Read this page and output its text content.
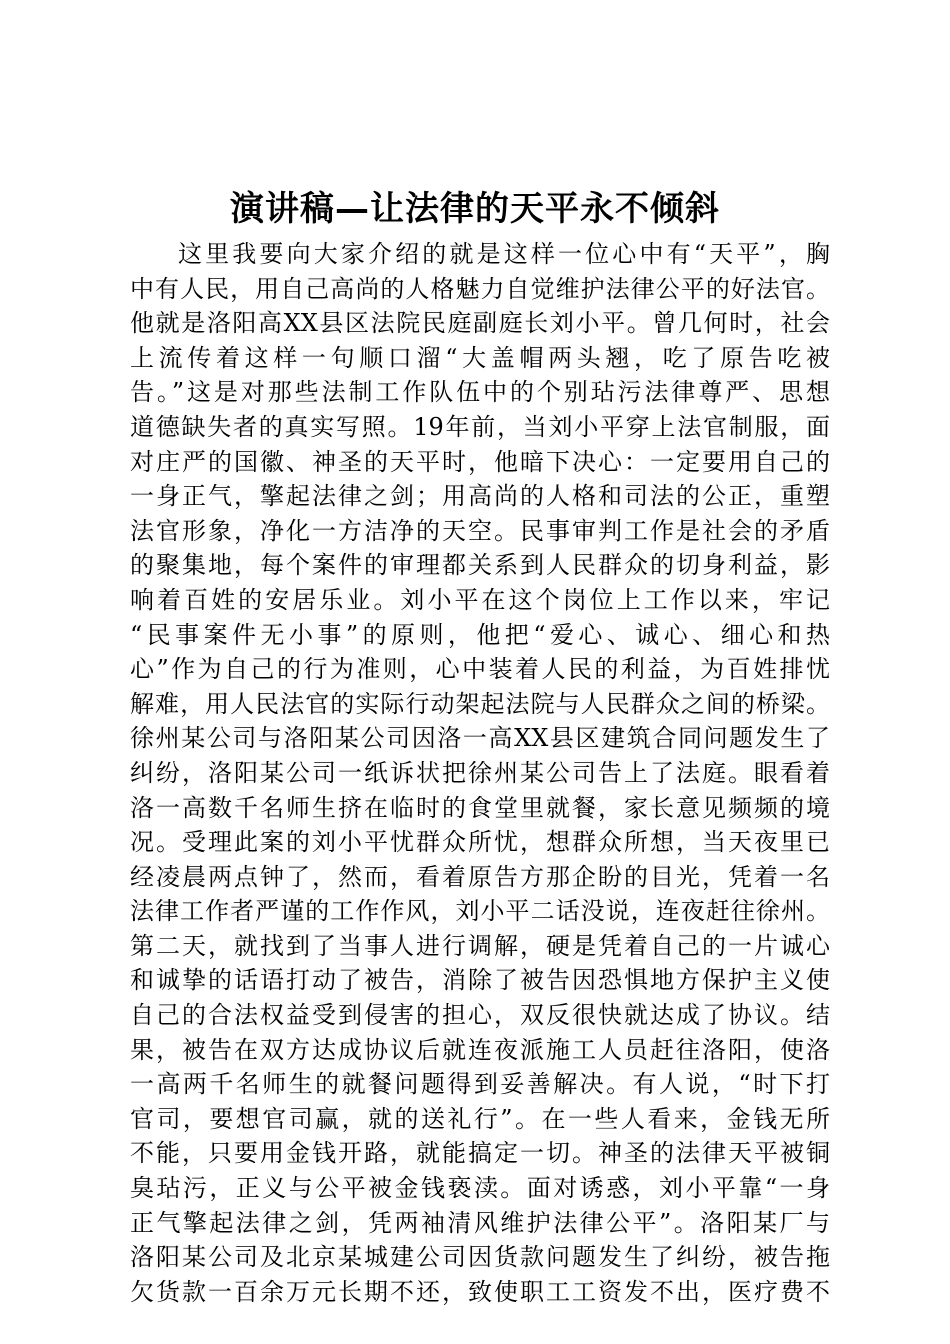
演讲稿—让法律的天平永不倾斜
这里我要向大家介绍的就是这样一位心中有“天平”，胸
中有人民，用自己高尚的人格魅力自觉维护法律公平的好法官。
他就是洛阳高XX县区法院民庭副庭长刘小平。曾几何时，社会
上流传着这样一句顺口溜“大盖帽两头翘，吃了原告吃被
告。”这是对那些法制工作队伍中的个别玷污法律尊严、思想
道德缺失者的真实写照。19年前，当刘小平穿上法官制服，面
对庄严的国徽、神圣的天平时，他暗下决心：一定要用自己的
一身正气，擎起法律之剑；用高尚的人格和司法的公正，重塑
法官形象，净化一方洁净的天空。民事审判工作是社会的矛盾
的聚集地，每个案件的审理都关系到人民群众的切身利益，影
响着百姓的安居乐业。刘小平在这个岗位上工作以来，牢记
“民事案件无小事”的原则，他把“爱心、诚心、细心和热
心”作为自己的行为准则，心中装着人民的利益，为百姓排忧
解难，用人民法官的实际行动架起法院与人民群众之间的桥梁。
徐州某公司与洛阳某公司因洛一高XX县区建筑合同问题发生了
纠纷，洛阳某公司一纸诉状把徐州某公司告上了法庭。眼看着
洛一高数千名师生挤在临时的食堂里就餐，家长意见频频的境
况。受理此案的刘小平忧群众所忧，想群众所想，当天夜里已
经凌晨两点钟了，然而，看着原告方那企盼的目光，凭着一名
法律工作者严谨的工作作风，刘小平二话没说，连夜赶往徐州。
第二天，就找到了当事人进行调解，硬是凭着自己的一片诚心
和诚挚的话语打动了被告，消除了被告因恐惧地方保护主义使
自己的合法权益受到侵害的担心，双反很快就达成了协议。结
果，被告在双方达成协议后就连夜派施工人员赶往洛阳，使洛
一高两千名师生的就餐问题得到妥善解决。有人说，“时下打
官司，要想官司赢，就的送礼行”。在一些人看来，金钱无所
不能，只要用金钱开路，就能搞定一切。神圣的法律天平被铜
臭玷污，正义与公平被金钱亵渎。面对诱惑，刘小平靠“一身
正气擎起法律之剑，凭两袖清风维护法律公平”。洛阳某厂与
洛阳某公司及北京某城建公司因货款问题发生了纠纷，被告拖
欠货款一百余万元长期不还，致使职工工资发不出，医疗费不
